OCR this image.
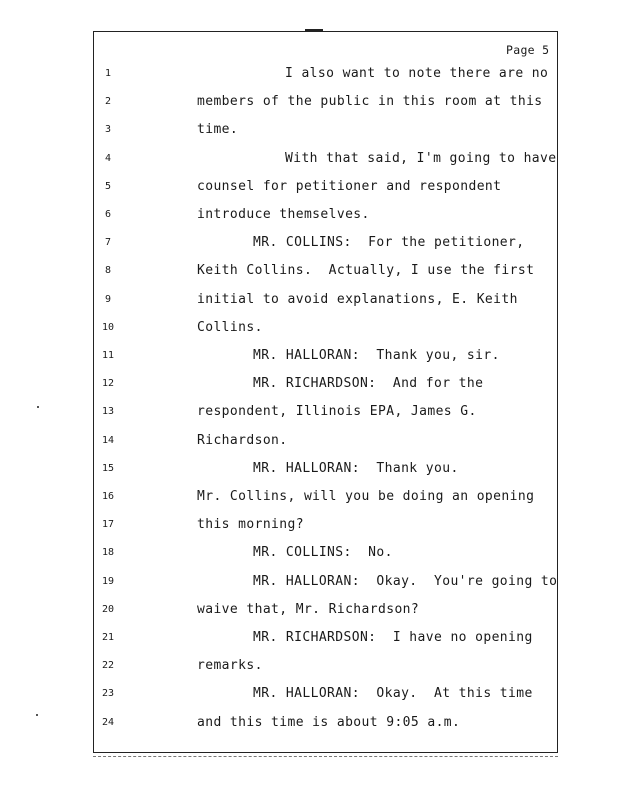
Page 5
1	I also want to note there are no
2	members of the public in this room at this
3	time.
4	With that said, I'm going to have
5	counsel for petitioner and respondent
6	introduce themselves.
7	MR. COLLINS:  For the petitioner,
8	Keith Collins.  Actually, I use the first
9	initial to avoid explanations, E. Keith
10	Collins.
11	MR. HALLORAN:  Thank you, sir.
12	MR. RICHARDSON:  And for the
13	respondent, Illinois EPA, James G.
14	Richardson.
15	MR. HALLORAN:  Thank you.
16	Mr. Collins, will you be doing an opening
17	this morning?
18	MR. COLLINS:  No.
19	MR. HALLORAN:  Okay.  You're going to
20	waive that, Mr. Richardson?
21	MR. RICHARDSON:  I have no opening
22	remarks.
23	MR. HALLORAN:  Okay.  At this time
24	and this time is about 9:05 a.m.
